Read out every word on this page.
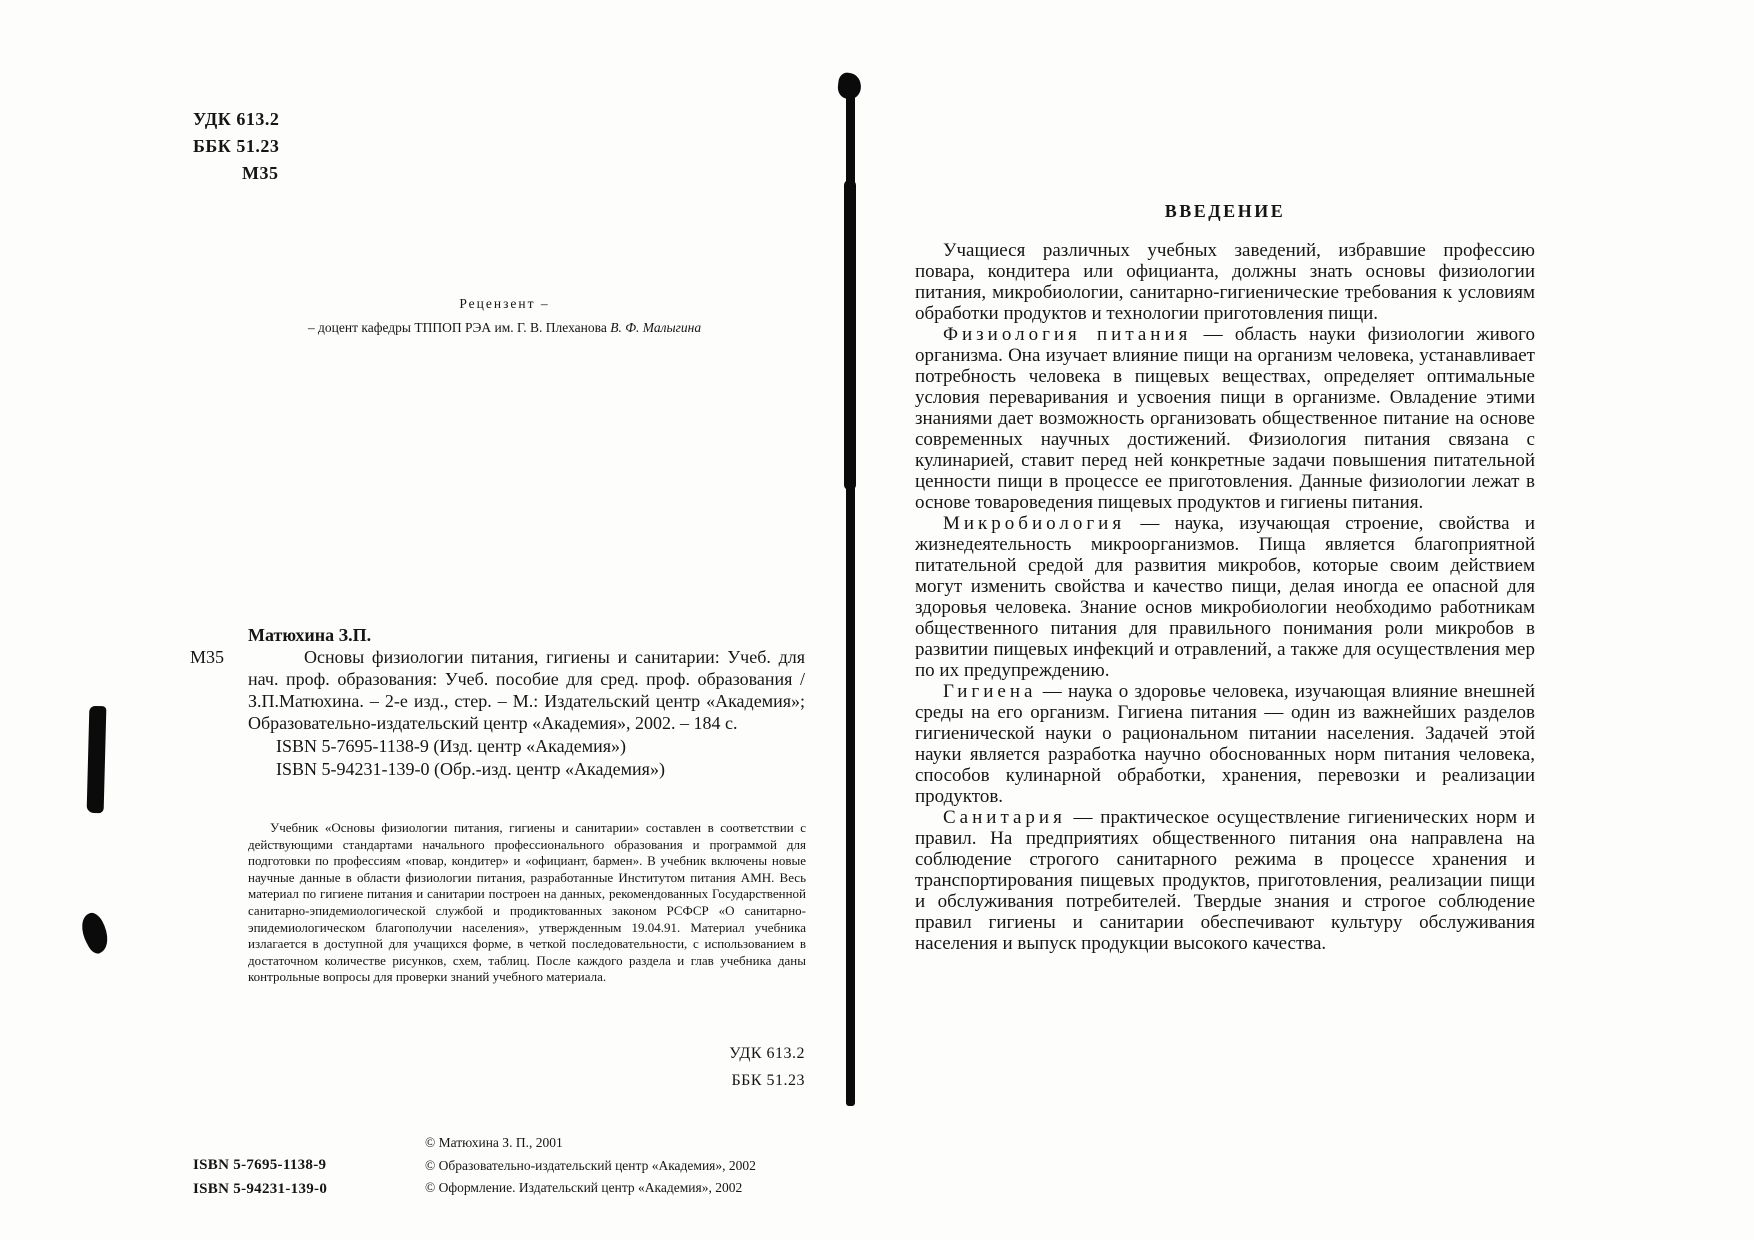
УДК 613.2
ББК 51.23
М35
Рецензент –
– доцент кафедры ТППОП РЭА им. Г. В. Плеханова В. Ф. Малыгина
Матюхина З.П.
М35	Основы физиологии питания, гигиены и санитарии: Учеб. для нач. проф. образования: Учеб. пособие для сред. проф. образования / З.П.Матюхина. – 2-е изд., стер. – М.: Издательский центр «Академия»; Образовательно-издательский центр «Академия», 2002. – 184 с.

ISBN 5-7695-1138-9 (Изд. центр «Академия»)
ISBN 5-94231-139-0 (Обр.-изд. центр «Академия»)

Учебник «Основы физиологии питания, гигиены и санитарии» составлен в соответствии с действующими стандартами начального профессионального образования и программой для подготовки по профессиям «повар, кондитер» и «официант, бармен». В учебник включены новые научные данные в области физиологии питания, разработанные Институтом питания АМН. Весь материал по гигиене питания и санитарии построен на данных, рекомендованных Государственной санитарно-эпидемиологической службой и продиктованных законом РСФСР «О санитарно-эпидемиологическом благополучии населения», утвержденным 19.04.91. Материал учебника излагается в доступной для учащихся форме, в четкой последовательности, с использованием в достаточном количестве рисунков, схем, таблиц. После каждого раздела и глав учебника даны контрольные вопросы для проверки знаний учебного материала.

УДК 613.2
ББК 51.23
ISBN 5-7695-1138-9
ISBN 5-94231-139-0
© Матюхина З. П., 2001
© Образовательно-издательский центр «Академия», 2002
© Оформление. Издательский центр «Академия», 2002
ВВЕДЕНИЕ

Учащиеся различных учебных заведений, избравшие профессию повара, кондитера или официанта, должны знать основы физиологии питания, микробиологии, санитарно-гигиенические требования к условиям обработки продуктов и технологии приготовления пищи.

Физиология питания — область науки физиологии живого организма. Она изучает влияние пищи на организм человека, устанавливает потребность человека в пищевых веществах, определяет оптимальные условия переваривания и усвоения пищи в организме. Овладение этими знаниями дает возможность организовать общественное питание на основе современных научных достижений. Физиология питания связана с кулинарией, ставит перед ней конкретные задачи повышения питательной ценности пищи в процессе ее приготовления. Данные физиологии лежат в основе товароведения пищевых продуктов и гигиены питания.

Микробиология — наука, изучающая строение, свойства и жизнедеятельность микроорганизмов. Пища является благоприятной питательной средой для развития микробов, которые своим действием могут изменить свойства и качество пищи, делая иногда ее опасной для здоровья человека. Знание основ микробиологии необходимо работникам общественного питания для правильного понимания роли микробов в развитии пищевых инфекций и отравлений, а также для осуществления мер по их предупреждению.

Гигиена — наука о здоровье человека, изучающая влияние внешней среды на его организм. Гигиена питания — один из важнейших разделов гигиенической науки о рациональном питании населения. Задачей этой науки является разработка научно обоснованных норм питания человека, способов кулинарной обработки, хранения, перевозки и реализации продуктов.

Санитария — практическое осуществление гигиенических норм и правил. На предприятиях общественного питания она направлена на соблюдение строгого санитарного режима в процессе хранения и транспортирования пищевых продуктов, приготовления, реализации пищи и обслуживания потребителей. Твердые знания и строгое соблюдение правил гигиены и санитарии обеспечивают культуру обслуживания населения и выпуск продукции высокого качества.
